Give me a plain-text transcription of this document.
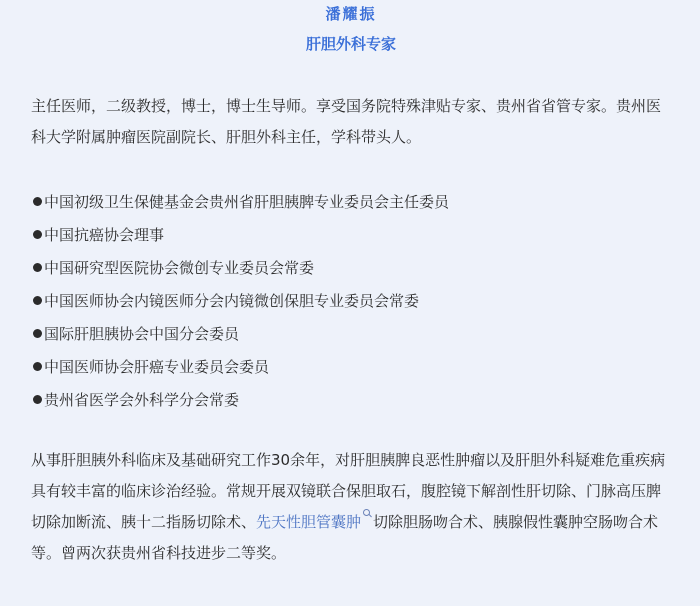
潘耀振
肝胆外科专家

主任医师，二级教授，博士，博士生导师。享受国务院特殊津贴专家、贵州省省管专家。贵州医科大学附属肿瘤医院副院长、肝胆外科主任，学科带头人。

中国初级卫生保健基金会贵州省肝胆胰脾专业委员会主任委员
中国抗癌协会理事
中国研究型医院协会微创专业委员会常委
中国医师协会内镜医师分会内镜微创保胆专业委员会常委
国际肝胆胰协会中国分会委员
中国医师协会肝癌专业委员会委员
贵州省医学会外科学分会常委

从事肝胆胰外科临床及基础研究工作30余年，对肝胆胰脾良恶性肿瘤以及肝胆外科疑难危重疾病具有较丰富的临床诊治经验。常规开展双镜联合保胆取石，腹腔镜下解剖性肝切除、门脉高压脾切除加断流、胰十二指肠切除术、先天性胆管囊肿 切除胆肠吻合术、胰腺假性囊肿空肠吻合术等。曾两次获贵州省科技进步二等奖。
